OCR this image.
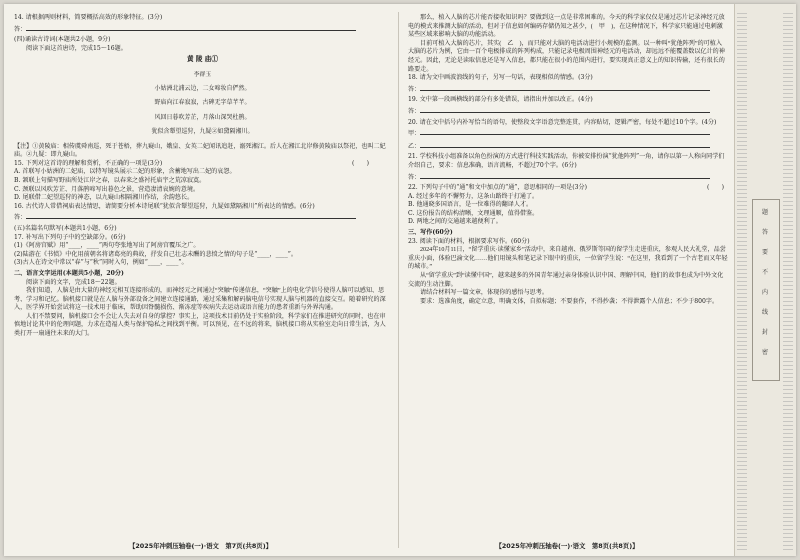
14. 请根据两则材料，简要概括高效的形象特征。(3分)

答：

(四)诵读古诗词(本题共2小题，9分)

阅读下面这首唐诗，完成15～16题。

黄 陵 庙①

李群玉

小姑洲北浦云边，二女啼妆自俨然。

野庙向江春寂寂，古碑无字草芊芊。

风回日暮吹芳芷，月落山深哭杜鹃。

犹似含颦望巡狩，九疑②如黛隔湘川。

【注】①黄陵庙：相传虞舜南巡，死于苍梧，葬九嶷山，娥皇、女英二妃闻讯追赶，溺死湘江。后人在湘江北岸修黄陵庙以祭祀，也叫二妃庙。②九疑：即九嶷山。

15. 下列对这首诗的理解和赏析，不正确的一项是(3分)	(　　)

A. 首联写小姑洲的二妃庙，以特写镜头展示二妃的形象，含蓄地写出二妃的哀怨。

B. 颔联上句描写野庙所处江岸之春，以春来之盛衬托庙宇之荒凉寂寞。

C. 颈联以风吹芳芷、月落鹃啼写出暮色之景，营造凄清哀婉的意境。

D. 尾联借二妃望巡狩的神态，以九嶷山相隔湘川作结，余韵悠长。

16. 古代诗人常借祠庙表达情思，请简要分析本诗尾联“犹似含颦望巡狩，九疑如黛隔湘川”所表达的情感。(6分)

答：

(五)名篇名句默写(本题共1小题，6分)

17. 补写出下列句子中的空缺部分。(6分)

(1)《阿房宫赋》用“____，____”两句夸张地写出了阿房宫覆压之广。

(2)陆游在《书愤》中化用前朝名将诸葛亮的典故，抒发自己壮志未酬的悲愤之情的句子是“____，____”。

(3)古人在诗文中常以“春”与“秋”同时入句，例如“____，____”。

二、语言文字运用(本题共5小题，20分)

阅读下面的文字，完成18～22题。

我们知道，人脑是由大量的神经元相互连接形成的，而神经元之间通过“突触”传递信息，“突触”上的电化学信号使得人脑可以感知、思考、学习和记忆。脑机接口就是在人脑与外部设备之间建立连接通路，通过采集和解码脑电信号实现人脑与机器的直接交互。随着研究的深入，医学界开始尝试将这一技术用于临床，帮助因脊髓损伤、渐冻症等疾病失去运动或语言能力的患者重新与外界沟通。

人们不禁要问，脑机接口会不会让人失去对自身的掌控？事实上，这项技术目前仍处于实验阶段，科学家们在推进研究的同时，也在审慎地讨论其中的伦理问题，力求在造福人类与保护隐私之间找到平衡。可以预见，在不远的将来，脑机接口将从实验室走向日常生活，为人类打开一扇通往未来的大门。

【2025年冲刺压轴卷(一)·语文　第7页(共8页)】

那么，植入人脑的芯片能否接收知识吗？要做到这一点是非常困难的。今天的科学家仅仅是通过芯片记录神经元放电的模式来推测大脑的活动，但对于信息如何编码存储仍知之甚少，(　甲　)，在这种情况下，科学家只能通过电刺激某些区域来影响大脑的功能活动。

目前可植入大脑的芯片，其实(　乙　)，而只能对大脑的电活动进行小规模的监测。以一种叫“犹他阵列”的可植入大脑的芯片为例，它由一百个电极排成的阵列构成，只能记录电极周围神经元的电活动，却远远不能覆盖数以亿计的神经元。因此，无论是读取信息还是写入信息，都只能在很小的范围内进行，要实现真正意义上的知识传输，还有很长的路要走。

18. 请为文中画波浪线的句子，另写一句话，表现相似的情感。(3分)

答：

19. 文中第一段画横线的部分有多处错误，请指出并加以改正。(4分)

答：

20. 请在文中括号内补写恰当的语句，使整段文字语意完整连贯，内容贴切，逻辑严密，每处不超过10个字。(4分)

甲：

乙：

21. 学校科技小组准备以角色扮演的方式进行科技实践活动，你被安排扮演“犹他阵列”一角，请你以第一人称向同学们介绍自己，要求：信息准确，语言流畅，不超过70个字。(6分)

答：

22. 下列句子中的“通”和文中加点的“通”，意思相同的一项是(3分)	(　　)

A. 经过多年的不懈努力，这条山路终于打通了。

B. 他通晓多国语言，是一位难得的翻译人才。

C. 这份报告的结构清晰，文理通顺，值得借鉴。

D. 两地之间的交通越来越便利了。

三、写作(60分)

23. 阅读下面的材料，根据要求写作。(60分)

2024年10月11日，“留学重庆·读懂家乡”活动中，来自越南、俄罗斯等国的留学生走进重庆，参观人民大礼堂，品尝重庆小面，体验巴渝文化……他们用镜头和笔记录下眼中的重庆，一位留学生说：“在这里，我看到了一个古老而又年轻的城市。”

从“留学重庆”到“读懂中国”，越来越多的外国青年通过亲身体验认识中国、理解中国，他们的故事也成为中外文化交流的生动注脚。

请结合材料写一篇文章，体现你的感悟与思考。

要求：选准角度，确定立意，明确文体，自拟标题；不要套作，不得抄袭；不得泄露个人信息；不少于800字。

【2025年冲刺压轴卷(一)·语文　第8页(共8页)】
题
答
要
不
内
线
封
密
